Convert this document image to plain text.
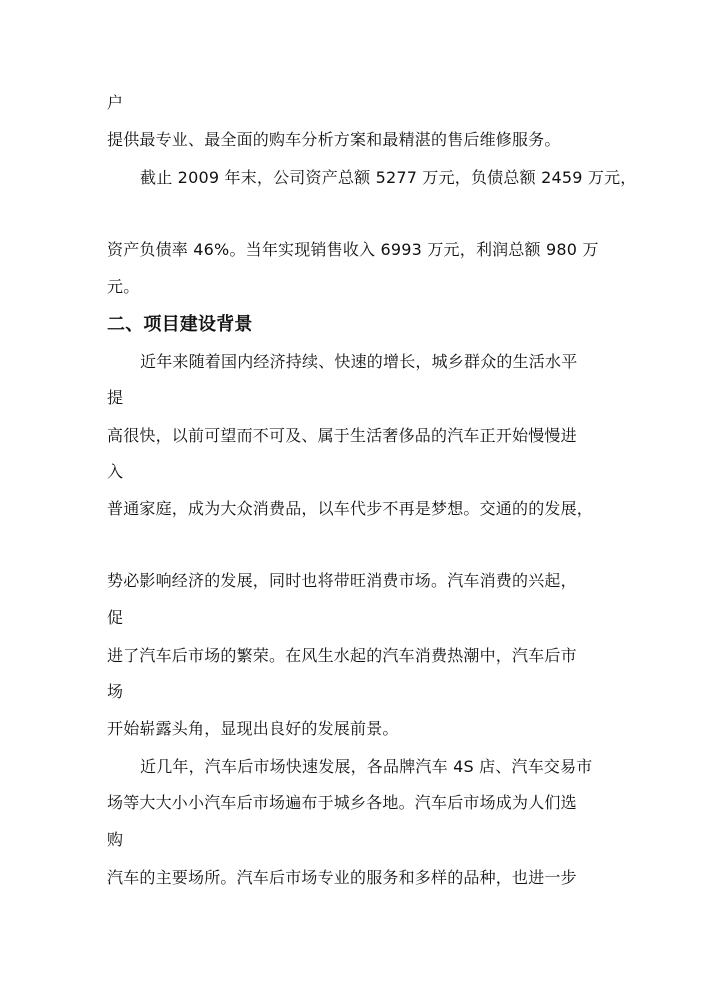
户
提供最专业、最全面的购车分析方案和最精湛的售后维修服务。
截止 2009 年末，公司资产总额 5277 万元，负债总额 2459 万元，
资产负债率 46%。当年实现销售收入 6993 万元，利润总额 980 万
元。
二、项目建设背景
近年来随着国内经济持续、快速的增长，城乡群众的生活水平
提
高很快，以前可望而不可及、属于生活奢侈品的汽车正开始慢慢进
入
普通家庭，成为大众消费品，以车代步不再是梦想。交通的的发展，
势必影响经济的发展，同时也将带旺消费市场。汽车消费的兴起，
促
进了汽车后市场的繁荣。在风生水起的汽车消费热潮中，汽车后市
场
开始崭露头角，显现出良好的发展前景。
近几年，汽车后市场快速发展，各品牌汽车 4S 店、汽车交易市
场等大大小小汽车后市场遍布于城乡各地。汽车后市场成为人们选
购
汽车的主要场所。汽车后市场专业的服务和多样的品种，也进一步
